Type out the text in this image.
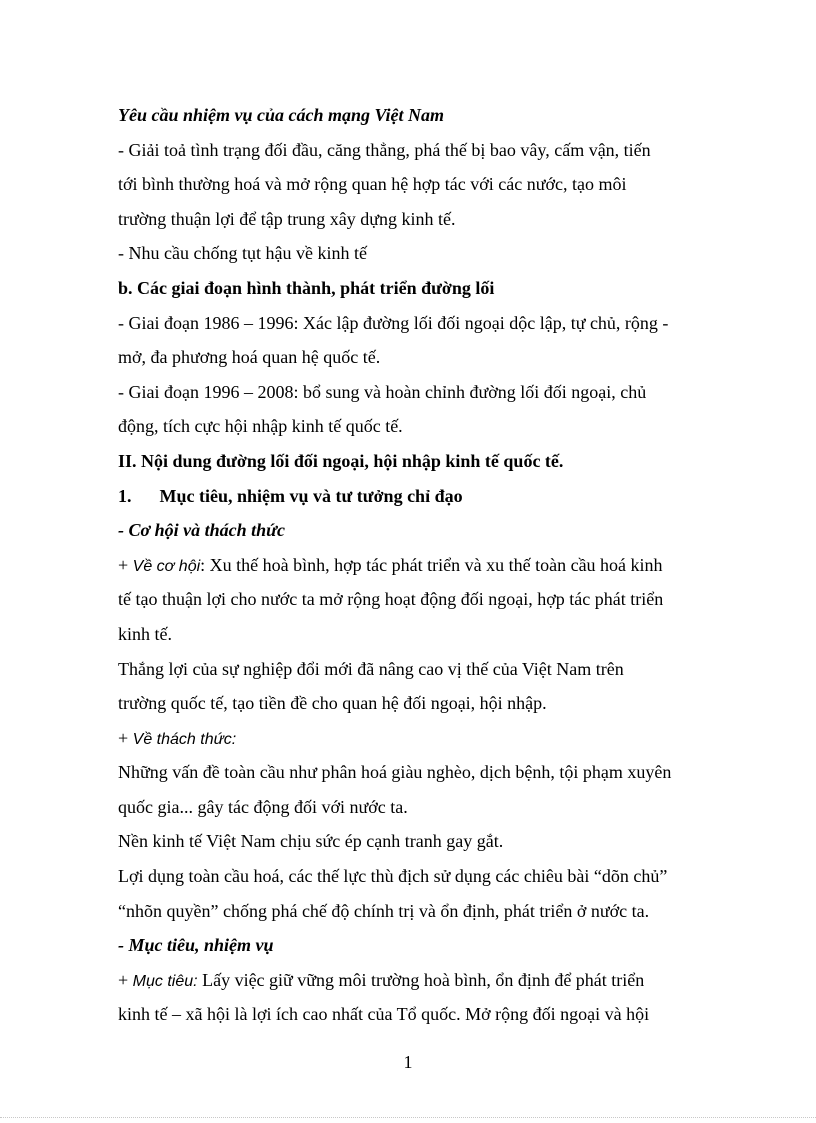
Yêu cầu nhiệm vụ của cách mạng Việt Nam
- Giải toả tình trạng đối đầu, căng thẳng, phá thế bị bao vây, cấm vận, tiến
tới bình thường hoá và mở rộng quan hệ hợp tác với các nước, tạo môi
trường thuận lợi để tập trung xây dựng kinh tế.
- Nhu cầu chống tụt hậu về kinh tế
b. Các giai đoạn hình thành, phát triển đường lối
- Giai đoạn 1986 – 1996: Xác lập đường lối đối ngoại dộc lập, tự chủ, rộng -
mở, đa phương hoá quan hệ quốc tế.
- Giai đoạn 1996 – 2008: bổ sung và hoàn chỉnh đường lối đối ngoại, chủ
động, tích cực hội nhập kinh tế quốc tế.
II. Nội dung đường lối đối ngoại, hội nhập kinh tế quốc tế.
1. Mục tiêu, nhiệm vụ và tư tưởng chỉ đạo
- Cơ hội và thách thức
+ Về cơ hội: Xu thế hoà bình, hợp tác phát triển và xu thế toàn cầu hoá kinh
tế tạo thuận lợi cho nước ta mở rộng hoạt động đối ngoại, hợp tác phát triển
kinh tế.
Thắng lợi của sự nghiệp đổi mới đã nâng cao vị thế của Việt Nam trên
trường quốc tế, tạo tiền đề cho quan hệ đối ngoại, hội nhập.
+ Về thách thức:
Những vấn đề toàn cầu như phân hoá giàu nghèo, dịch bệnh, tội phạm xuyên
quốc gia... gây tác động đối với nước ta.
Nền kinh tế Việt Nam chịu sức ép cạnh tranh gay gắt.
Lợi dụng toàn cầu hoá, các thế lực thù địch sử dụng các chiêu bài “dõn chủ”
“nhõn quyền” chống phá chế độ chính trị và ổn định, phát triển ở nước ta.
- Mục tiêu, nhiệm vụ
+ Mục tiêu: Lấy việc giữ vững môi trường hoà bình, ổn định để phát triển
kinh tế – xã hội là lợi ích cao nhất của Tổ quốc. Mở rộng đối ngoại và hội
1
